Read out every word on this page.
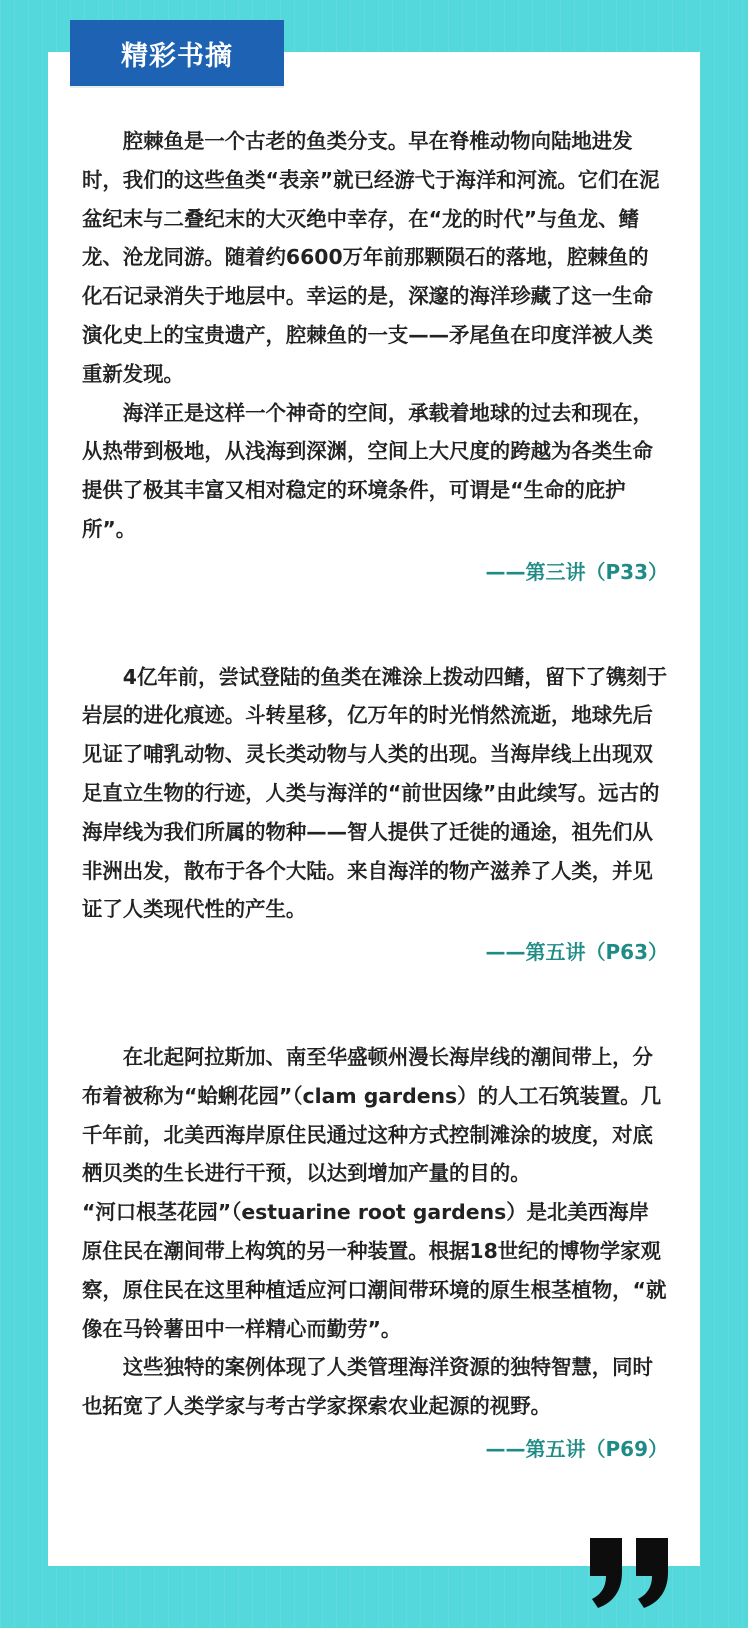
精彩书摘

腔棘鱼是一个古老的鱼类分支。早在脊椎动物向陆地进发时，我们的这些鱼类“表亲”就已经游弋于海洋和河流。它们在泥盆纪末与二叠纪末的大灭绝中幸存，在“龙的时代”与鱼龙、鳍龙、沧龙同游。随着约6600万年前那颗陨石的落地，腔棘鱼的化石记录消失于地层中。幸运的是，深邃的海洋珍藏了这一生命演化史上的宝贵遗产，腔棘鱼的一支——矛尾鱼在印度洋被人类重新发现。

海洋正是这样一个神奇的空间，承载着地球的过去和现在，从热带到极地，从浅海到深渊，空间上大尺度的跨越为各类生命提供了极其丰富又相对稳定的环境条件，可谓是“生命的庇护所”。

——第三讲（P33）

4亿年前，尝试登陆的鱼类在滩涂上拨动四鳍，留下了镌刻于岩层的进化痕迹。斗转星移，亿万年的时光悄然流逝，地球先后见证了哺乳动物、灵长类动物与人类的出现。当海岸线上出现双足直立生物的行迹，人类与海洋的“前世因缘”由此续写。远古的海岸线为我们所属的物种——智人提供了迁徙的通途，祖先们从非洲出发，散布于各个大陆。来自海洋的物产滋养了人类，并见证了人类现代性的产生。

——第五讲（P63）

在北起阿拉斯加、南至华盛顿州漫长海岸线的潮间带上，分布着被称为“蛤蜊花园”（clam gardens）的人工石筑装置。几千年前，北美西海岸原住民通过这种方式控制滩涂的坡度，对底栖贝类的生长进行干预，以达到增加产量的目的。

“河口根茎花园”（estuarine root gardens）是北美西海岸原住民在潮间带上构筑的另一种装置。根据18世纪的博物学家观察，原住民在这里种植适应河口潮间带环境的原生根茎植物，“就像在马铃薯田中一样精心而勤劳”。

这些独特的案例体现了人类管理海洋资源的独特智慧，同时也拓宽了人类学家与考古学家探索农业起源的视野。

——第五讲（P69）
